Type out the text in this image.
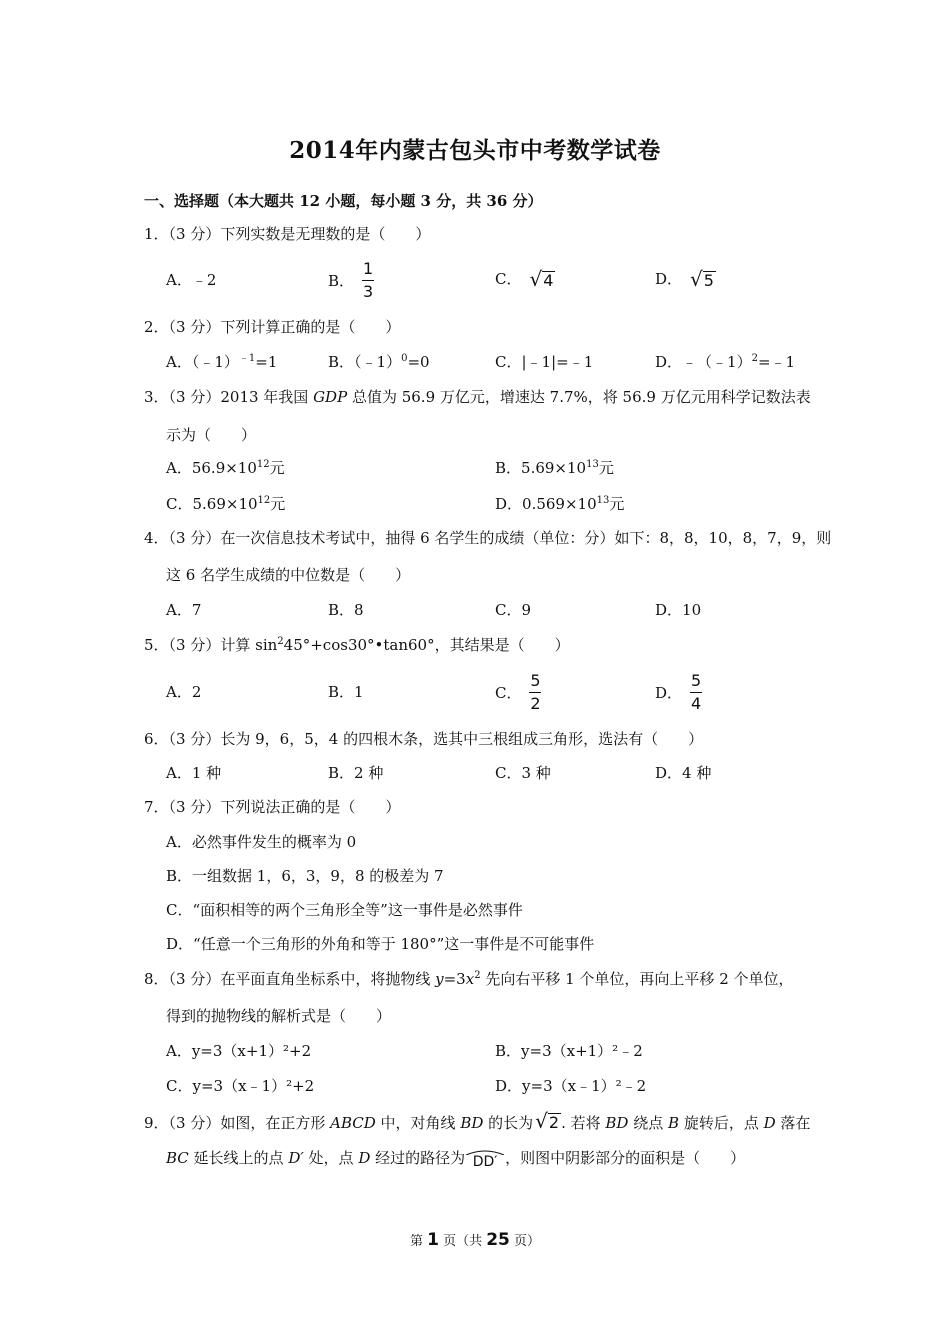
2014年内蒙古包头市中考数学试卷
一、选择题（本大题共 12 小题，每小题 3 分，共 36 分）
1．（3 分）下列实数是无理数的是（　　）
A．﹣2	B． $\frac{1}{3}$	C． √ 4	D． √ 5
2．（3 分）下列计算正确的是（　　）
A．（﹣1）$^{﹣1}$=1	B．（﹣1）$^0$=0	C．|﹣1|=﹣1	D．﹣（﹣1）$^2$=﹣1
3．（3 分）2013 年我国 GDP 总值为 56.9 万亿元，增速达 7.7%，将 56.9 万亿元用科学记数法表
示为（　　）
A．$56.9\times 10^{12}$元	B．$5.69\times 10^{13}$元
C．$5.69\times 10^{12}$元	D．$0.569\times 10^{13}$元
4．（3 分）在一次信息技术考试中，抽得 6 名学生的成绩（单位：分）如下：8，8，10，8，7，9，则
这 6 名学生成绩的中位数是（　　）
A．7	B．8	C．9	D．10
5．（3 分）计算 $\sin^245^\circ+\cos 30^\circ•\tan 60^\circ$，其结果是（　　）
A．2	B．1	C． $\frac{5}{2}$	D． $\frac{5}{4}$
6．（3 分）长为 9，6，5，4 的四根木条，选其中三根组成三角形，选法有（　　）
A．1 种	B．2 种	C．3 种	D．4 种
7．（3 分）下列说法正确的是（　　）
A．必然事件发生的概率为 0
B．一组数据 1，6，3，9，8 的极差为 7
C．“面积相等的两个三角形全等”这一事件是必然事件
D．“任意一个三角形的外角和等于 180°”这一事件是不可能事件
8．（3 分）在平面直角坐标系中，将抛物线 $y=3x^2$ 先向右平移 1 个单位，再向上平移 2 个单位，
得到的抛物线的解析式是（　　）
A．y=3（x+1）²+2	B．y=3（x+1）²﹣2
C．y=3（x﹣1）²+2	D．y=3（x﹣1）²﹣2
9．（3 分）如图，在正方形 ABCD 中，对角线 BD 的长为 √ 2 . 若将 BD 绕点 B 旋转后，点 D 落在
BC 延长线上的点 D′ 处，点 D 经过的路径为 DD′ ，则图中阴影部分的面积是（　　）
第 1 页（共 25 页）
